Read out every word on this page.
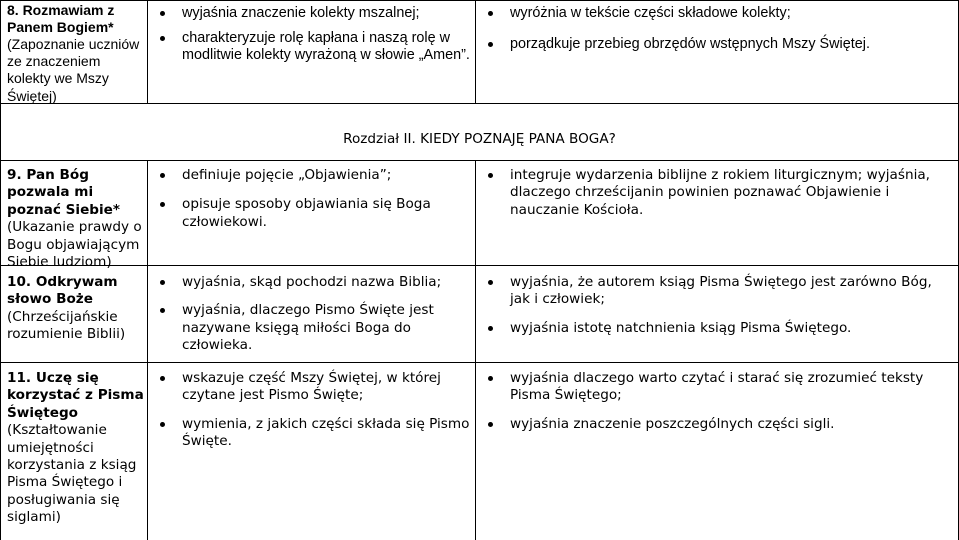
8. Rozmawiam z Panem Bogiem*
(Zapoznanie uczniów ze znaczeniem kolekty we Mszy Świętej)
wyjaśnia znaczenie kolekty mszalnej;
charakteryzuje rolę kapłana i naszą rolę w modlitwie kolekty wyrażoną w słowie „Amen”.
wyróżnia w tekście części składowe kolekty;
porządkuje przebieg obrzędów wstępnych Mszy Świętej.
Rozdział II. KIEDY POZNAJĘ PANA BOGA?
9. Pan Bóg pozwala mi poznać Siebie*
(Ukazanie prawdy o Bogu objawiającym Siebie ludziom)
definiuje pojęcie „Objawienia”;
opisuje sposoby objawiania się Boga człowiekowi.
integruje wydarzenia biblijne z rokiem liturgicznym; wyjaśnia, dlaczego chrześcijanin powinien poznawać Objawienie i nauczanie Kościoła.
10. Odkrywam słowo Boże
(Chrześcijańskie rozumienie Biblii)
wyjaśnia, skąd pochodzi nazwa Biblia;
wyjaśnia, dlaczego Pismo Święte jest nazywane księgą miłości Boga do człowieka.
wyjaśnia, że autorem ksiąg Pisma Świętego jest zarówno Bóg, jak i człowiek;
wyjaśnia istotę natchnienia ksiąg Pisma Świętego.
11. Uczę się korzystać z Pisma Świętego
(Kształtowanie umiejętności korzystania z ksiąg Pisma Świętego i posługiwania się siglami)
wskazuje część Mszy Świętej, w której czytane jest Pismo Święte;
wymienia, z jakich części składa się Pismo Święte.
wyjaśnia dlaczego warto czytać i starać się zrozumieć teksty Pisma Świętego;
wyjaśnia znaczenie poszczególnych części sigli.
